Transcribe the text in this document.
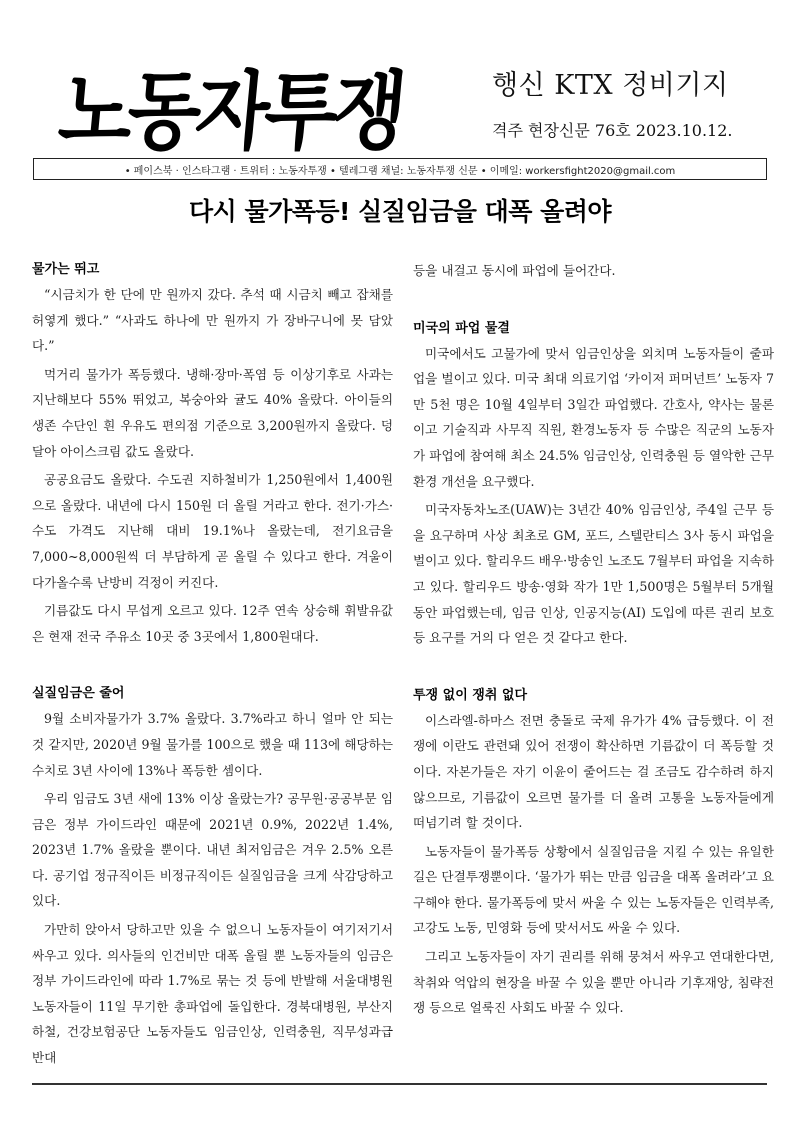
노동자투쟁	행신 KTX 정비기지
격주 현장신문 76호 2023.10.12.
• 페이스북 · 인스타그램 · 트위터 : 노동자투쟁 • 텔레그램 채널: 노동자투쟁 신문 • 이메일: workersfight2020@gmail.com
다시 물가폭등! 실질임금을 대폭 올려야
물가는 뛰고

“시금치가 한 단에 만 원까지 갔다. 추석 때 시금치 빼고 잡채를 허옇게 했다.” “사과도 하나에 만 원까지 가 장바구니에 못 담았다.”

먹거리 물가가 폭등했다. 냉해·장마·폭염 등 이상기후로 사과는 지난해보다 55% 뛰었고, 복숭아와 귤도 40% 올랐다. 아이들의 생존 수단인 흰 우유도 편의점 기준으로 3,200원까지 올랐다. 덩달아 아이스크림 값도 올랐다.

공공요금도 올랐다. 수도권 지하철비가 1,250원에서 1,400원으로 올랐다. 내년에 다시 150원 더 올릴 거라고 한다. 전기·가스·수도 가격도 지난해 대비 19.1%나 올랐는데, 전기요금을 7,000~8,000원씩 더 부담하게 곧 올릴 수 있다고 한다. 겨울이 다가올수록 난방비 걱정이 커진다.

기름값도 다시 무섭게 오르고 있다. 12주 연속 상승해 휘발유값은 현재 전국 주유소 10곳 중 3곳에서 1,800원대다.

실질임금은 줄어

9월 소비자물가가 3.7% 올랐다. 3.7%라고 하니 얼마 안 되는 것 같지만, 2020년 9월 물가를 100으로 했을 때 113에 해당하는 수치로 3년 사이에 13%나 폭등한 셈이다.

우리 임금도 3년 새에 13% 이상 올랐는가? 공무원·공공부문 임금은 정부 가이드라인 때문에 2021년 0.9%, 2022년 1.4%, 2023년 1.7% 올랐을 뿐이다. 내년 최저임금은 겨우 2.5% 오른다. 공기업 정규직이든 비정규직이든 실질임금을 크게 삭감당하고 있다.

가만히 앉아서 당하고만 있을 수 없으니 노동자들이 여기저기서 싸우고 있다. 의사들의 인건비만 대폭 올릴 뿐 노동자들의 임금은 정부 가이드라인에 따라 1.7%로 묶는 것 등에 반발해 서울대병원 노동자들이 11일 무기한 총파업에 돌입한다. 경북대병원, 부산지하철, 건강보험공단 노동자들도 임금인상, 인력충원, 직무성과급 반대

등을 내걸고 동시에 파업에 들어간다.

미국의 파업 물결

미국에서도 고물가에 맞서 임금인상을 외치며 노동자들이 줄파업을 벌이고 있다. 미국 최대 의료기업 ‘카이저 퍼머넌트’ 노동자 7만 5천 명은 10월 4일부터 3일간 파업했다. 간호사, 약사는 물론이고 기술직과 사무직 직원, 환경노동자 등 수많은 직군의 노동자가 파업에 참여해 최소 24.5% 임금인상, 인력충원 등 열악한 근무환경 개선을 요구했다.

미국자동차노조(UAW)는 3년간 40% 임금인상, 주4일 근무 등을 요구하며 사상 최초로 GM, 포드, 스텔란티스 3사 동시 파업을 벌이고 있다. 할리우드 배우·방송인 노조도 7월부터 파업을 지속하고 있다. 할리우드 방송·영화 작가 1만 1,500명은 5월부터 5개월 동안 파업했는데, 임금 인상, 인공지능(AI) 도입에 따른 권리 보호 등 요구를 거의 다 얻은 것 같다고 한다.

투쟁 없이 쟁취 없다

이스라엘-하마스 전면 충돌로 국제 유가가 4% 급등했다. 이 전쟁에 이란도 관련돼 있어 전쟁이 확산하면 기름값이 더 폭등할 것이다. 자본가들은 자기 이윤이 줄어드는 걸 조금도 감수하려 하지 않으므로, 기름값이 오르면 물가를 더 올려 고통을 노동자들에게 떠넘기려 할 것이다.

노동자들이 물가폭등 상황에서 실질임금을 지킬 수 있는 유일한 길은 단결투쟁뿐이다. ‘물가가 뛰는 만큼 임금을 대폭 올려라’고 요구해야 한다. 물가폭등에 맞서 싸울 수 있는 노동자들은 인력부족, 고강도 노동, 민영화 등에 맞서서도 싸울 수 있다.

그리고 노동자들이 자기 권리를 위해 뭉쳐서 싸우고 연대한다면, 착취와 억압의 현장을 바꿀 수 있을 뿐만 아니라 기후재앙, 침략전쟁 등으로 얼룩진 사회도 바꿀 수 있다.
